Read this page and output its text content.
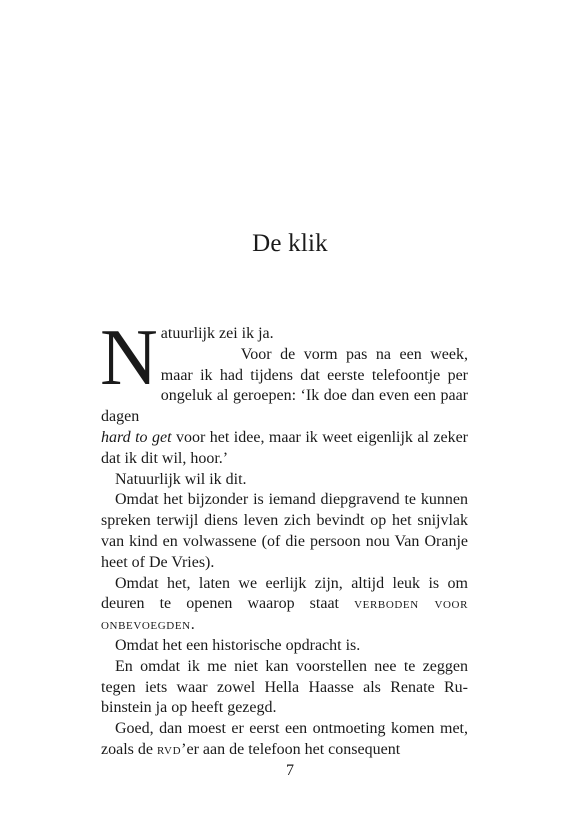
De klik

Natuurlijk zei ik ja.

Voor de vorm pas na een week, maar ik had tijdens dat eerste telefoontje per ongeluk al geroepen: ‘Ik doe dan even een paar dagen
hard to get voor het idee, maar ik weet eigenlijk al zeker dat ik dit wil, hoor.’

Natuurlijk wil ik dit.

Omdat het bijzonder is iemand diepgravend te kunnen spreken terwijl diens leven zich bevindt op het snijvlak van kind en volwassene (of die persoon nou Van Oranje heet of De Vries).

Omdat het, laten we eerlijk zijn, altijd leuk is om deuren te openen waarop staat verboden voor onbevoegden.

Omdat het een historische opdracht is.

En omdat ik me niet kan voorstellen nee te zeggen tegen iets waar zowel Hella Haasse als Renate Rubinstein ja op heeft gezegd.

Goed, dan moest er eerst een ontmoeting komen met, zoals de rvd’er aan de telefoon het consequent

7
